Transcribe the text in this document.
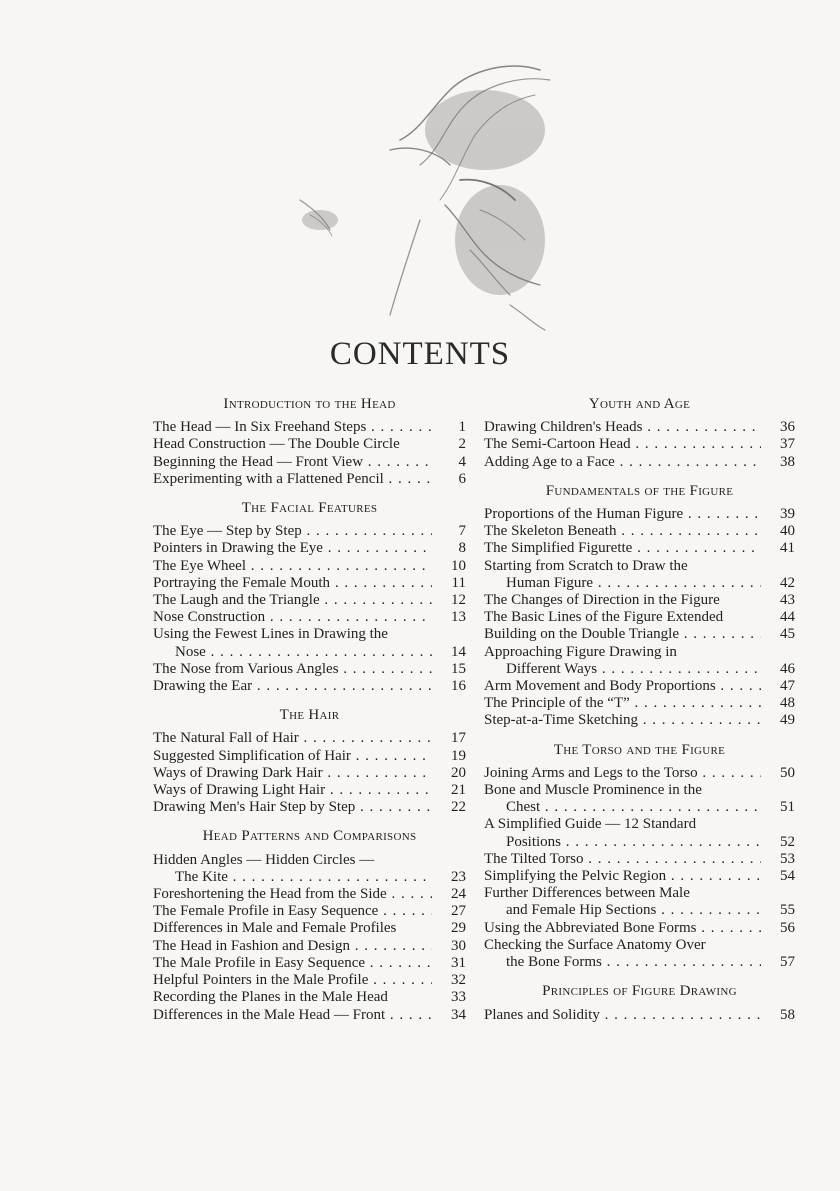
CONTENTS
Introduction to the Head
The Head — In Six Freehand Steps . . .	1
Head Construction — The Double Circle	2
Beginning the Head — Front View . . .	4
Experimenting with a Flattened Pencil . . .	6
The Facial Features
The Eye — Step by Step . . .	7
Pointers in Drawing the Eye . . .	8
The Eye Wheel . . .	10
Portraying the Female Mouth . . .	11
The Laugh and the Triangle . . .	12
Nose Construction . . .	13
Using the Fewest Lines in Drawing the
Nose . . .	14
The Nose from Various Angles . . .	15
Drawing the Ear . . .	16
The Hair
The Natural Fall of Hair . . .	17
Suggested Simplification of Hair . . .	19
Ways of Drawing Dark Hair . . .	20
Ways of Drawing Light Hair . . .	21
Drawing Men's Hair Step by Step . . .	22
Head Patterns and Comparisons
Hidden Angles — Hidden Circles —
The Kite . . .	23
Foreshortening the Head from the Side . . .	24
The Female Profile in Easy Sequence . . .	27
Differences in Male and Female Profiles	29
The Head in Fashion and Design . . .	30
The Male Profile in Easy Sequence . . .	31
Helpful Pointers in the Male Profile . . .	32
Recording the Planes in the Male Head	33
Differences in the Male Head — Front . . .	34
Youth and Age
Drawing Children's Heads . . .	36
The Semi-Cartoon Head . . .	37
Adding Age to a Face . . .	38
Fundamentals of the Figure
Proportions of the Human Figure . . .	39
The Skeleton Beneath . . .	40
The Simplified Figurette . . .	41
Starting from Scratch to Draw the
Human Figure . . .	42
The Changes of Direction in the Figure	43
The Basic Lines of the Figure Extended	44
Building on the Double Triangle . . .	45
Approaching Figure Drawing in
Different Ways . . .	46
Arm Movement and Body Proportions . . .	47
The Principle of the “T” . . .	48
Step-at-a-Time Sketching . . .	49
The Torso and the Figure
Joining Arms and Legs to the Torso . . .	50
Bone and Muscle Prominence in the
Chest . . .	51
A Simplified Guide — 12 Standard
Positions . . .	52
The Tilted Torso . . .	53
Simplifying the Pelvic Region . . .	54
Further Differences between Male
and Female Hip Sections . . .	55
Using the Abbreviated Bone Forms . . .	56
Checking the Surface Anatomy Over
the Bone Forms . . .	57
Principles of Figure Drawing
Planes and Solidity . . .	58
